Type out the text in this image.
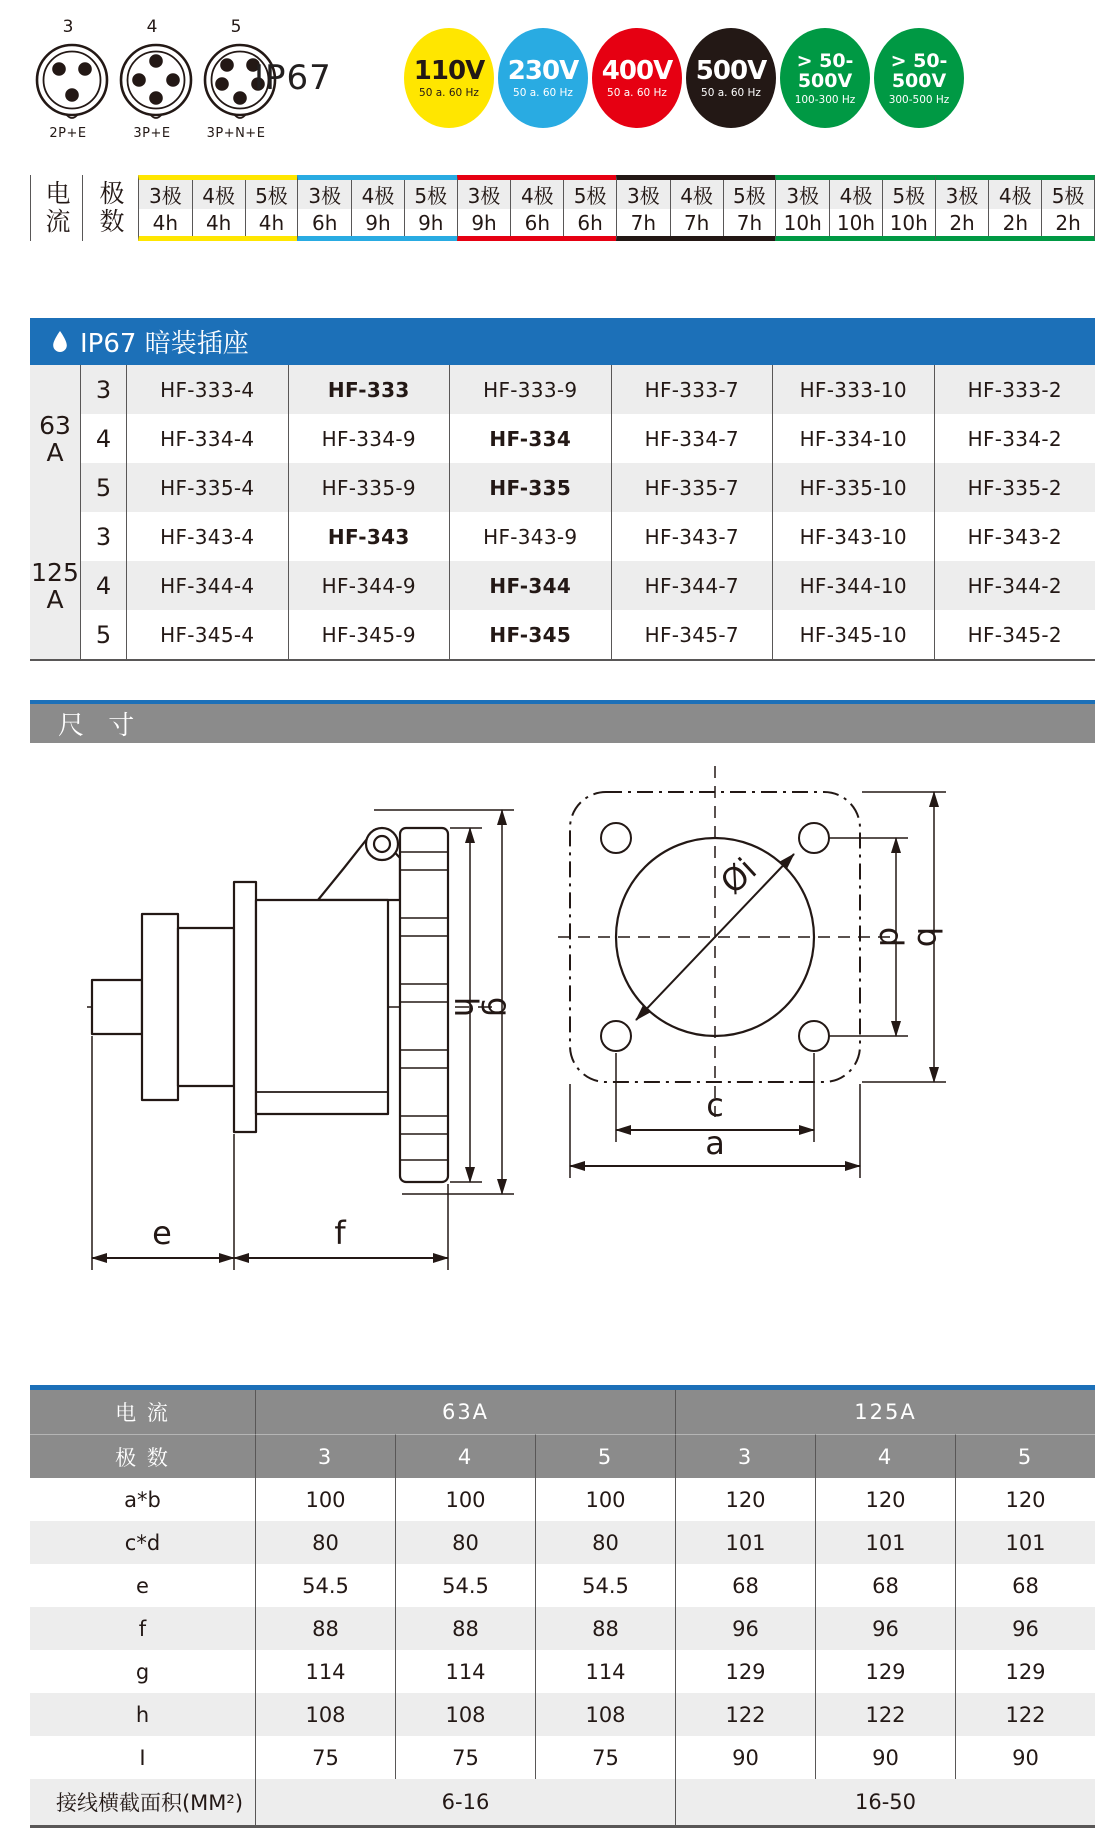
3
2P+E
4
3P+E
5
3P+N+E
IP67	110V
50 a. 60 Hz
230V
50 a. 60 Hz
400V
50 a. 60 Hz
500V
50 a. 60 Hz
> 50-
500V
100-300 Hz
> 50-
500V
300-500 Hz
电流 极数	3极	4极	5极
4h	4h	4h
3极	4极	5极
6h	9h	9h
3极	4极	5极
9h	6h	6h
3极	4极	5极
7h	7h	7h
3极	4极	5极
10h 10h 10h
3极	4极	5极
2h	2h	2h
IP67 暗装插座
63
A
3	HF-333-4	HF-333	HF-333-9	HF-333-7	HF-333-10	HF-333-2
4	HF-334-4	HF-334-9	HF-334	HF-334-7	HF-334-10	HF-334-2
5	HF-335-4	HF-335-9	HF-335	HF-335-7	HF-335-10	HF-335-2
125
A
3	HF-343-4	HF-343	HF-343-9	HF-343-7	HF-343-10	HF-343-2
4	HF-344-4	HF-344-9	HF-344	HF-344-7	HF-344-10	HF-344-2
5	HF-345-4	HF-345-9	HF-345	HF-345-7	HF-345-10	HF-345-2
尺 寸
e	f
h
g
Øi
d b
c
a
电 流	63A	125A
极 数	3	4	5	3	4	5
a*b	100	100	100	120	120	120
c*d	80	80	80	101	101	101
e	54.5	54.5	54.5	68	68	68
f	88	88	88	96	96	96
g	114	114	114	129	129	129
h	108	108	108	122	122	122
I	75	75	75	90	90	90
接线横截面积(MM²)	6-16	16-50
